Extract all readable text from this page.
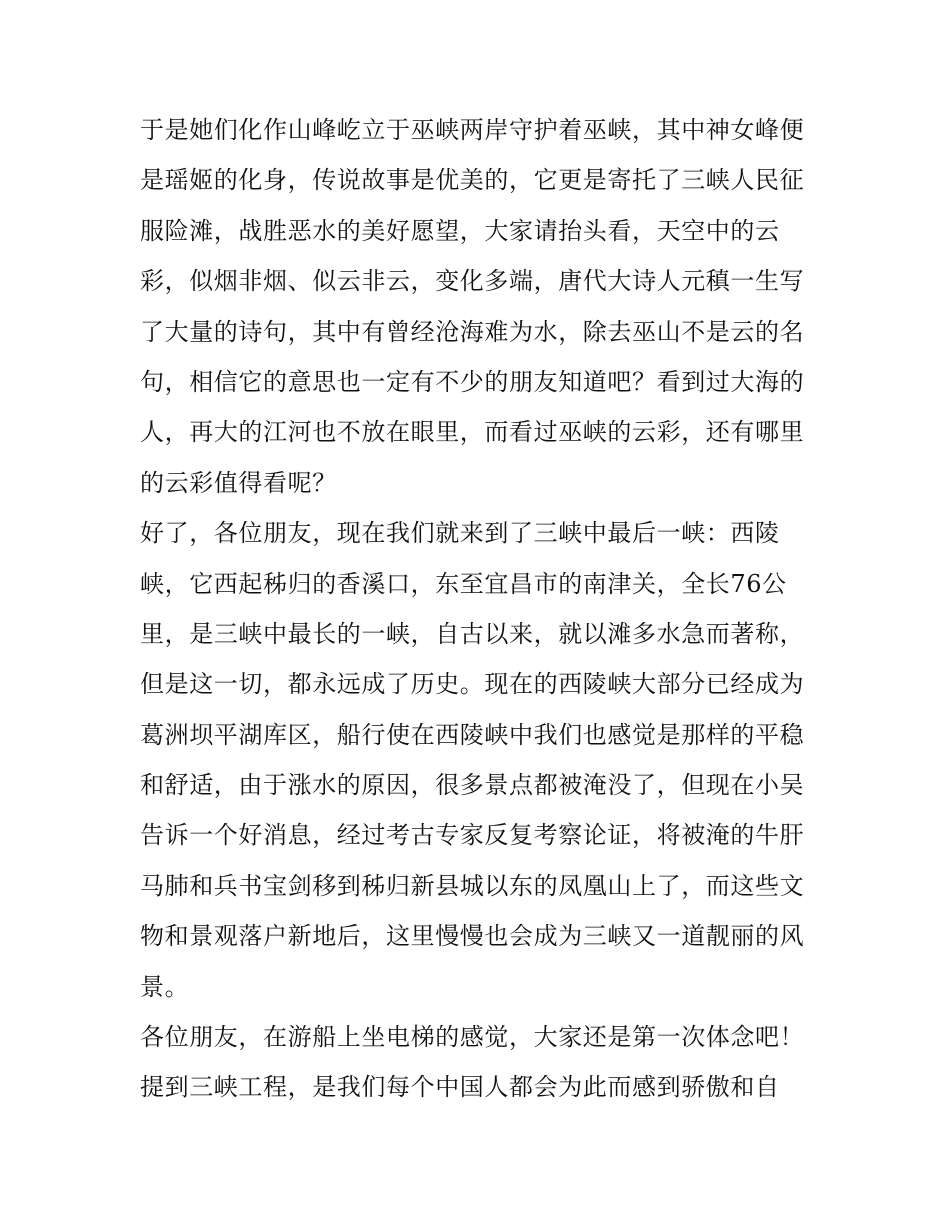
于是她们化作山峰屹立于巫峡两岸守护着巫峡，其中神女峰便
是瑶姬的化身，传说故事是优美的，它更是寄托了三峡人民征
服险滩，战胜恶水的美好愿望，大家请抬头看，天空中的云
彩，似烟非烟、似云非云，变化多端，唐代大诗人元稹一生写
了大量的诗句，其中有曾经沧海难为水，除去巫山不是云的名
句，相信它的意思也一定有不少的朋友知道吧？看到过大海的
人，再大的江河也不放在眼里，而看过巫峡的云彩，还有哪里
的云彩值得看呢？
好了，各位朋友，现在我们就来到了三峡中最后一峡：西陵
峡，它西起秭归的香溪口，东至宜昌市的南津关，全长76公
里，是三峡中最长的一峡，自古以来，就以滩多水急而著称，
但是这一切，都永远成了历史。现在的西陵峡大部分已经成为
葛洲坝平湖库区，船行使在西陵峡中我们也感觉是那样的平稳
和舒适，由于涨水的原因，很多景点都被淹没了，但现在小吴
告诉一个好消息，经过考古专家反复考察论证，将被淹的牛肝
马肺和兵书宝剑移到秭归新县城以东的凤凰山上了，而这些文
物和景观落户新地后，这里慢慢也会成为三峡又一道靓丽的风
景。
各位朋友，在游船上坐电梯的感觉，大家还是第一次体念吧！
提到三峡工程，是我们每个中国人都会为此而感到骄傲和自
